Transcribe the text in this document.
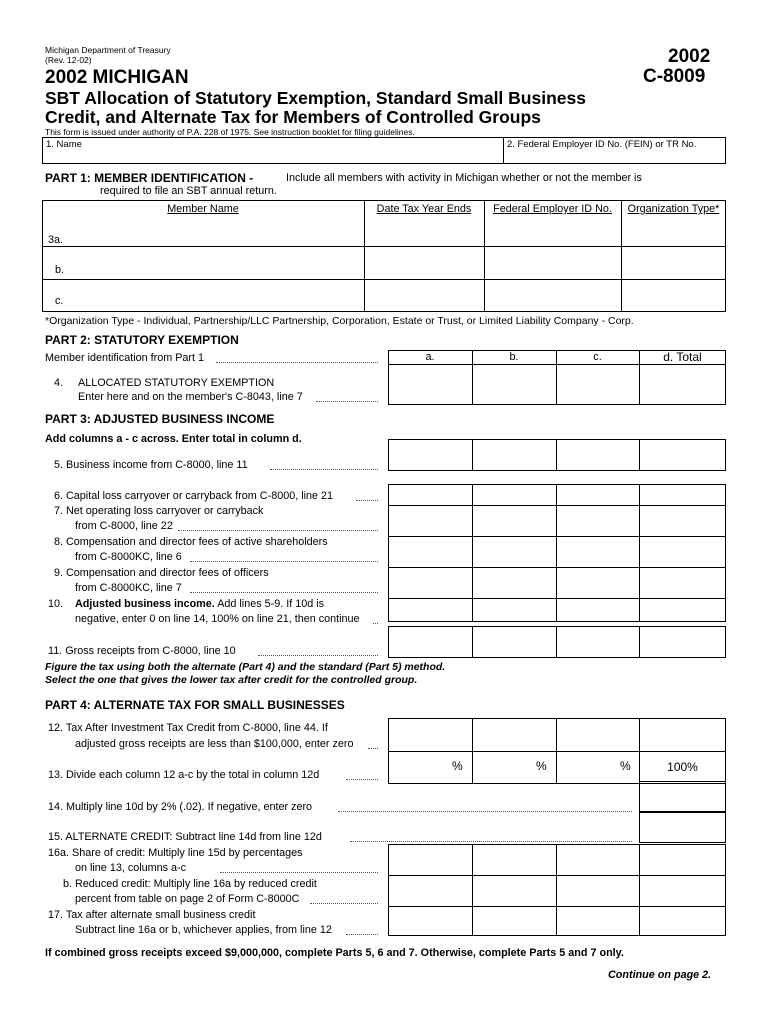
Michigan Department of Treasury
(Rev. 12-02)
2002 MICHIGAN
SBT Allocation of Statutory Exemption, Standard Small Business
Credit, and Alternate Tax for Members of Controlled Groups
This form is issued under authority of P.A. 228 of 1975. See instruction booklet for filing guidelines.
2002
C-8009
1. Name	2. Federal Employer ID No. (FEIN) or TR No.
PART 1: MEMBER IDENTIFICATION -	Include all members with activity in Michigan whether or not the member is
required to file an SBT annual return.
Member Name	Date Tax Year Ends	Federal Employer ID No.	Organization Type*
3a.
b.
c.
*Organization Type - Individual, Partnership/LLC Partnership, Corporation, Estate or Trust, or Limited Liability Company - Corp.
PART 2: STATUTORY EXEMPTION
Member identification from Part 1	a.	b.	c.	d. Total
4. ALLOCATED STATUTORY EXEMPTION
Enter here and on the member's C-8043, line 7
PART 3: ADJUSTED BUSINESS INCOME
Add columns a - c across. Enter total in column d.
5. Business income from C-8000, line 11
6. Capital loss carryover or carryback from C-8000, line 21
7. Net operating loss carryover or carryback
from C-8000, line 22
8. Compensation and director fees of active shareholders
from C-8000KC, line 6
9. Compensation and director fees of officers
from C-8000KC, line 7
10. Adjusted business income. Add lines 5-9. If 10d is
negative, enter 0 on line 14, 100% on line 21, then continue
11. Gross receipts from C-8000, line 10
Figure the tax using both the alternate (Part 4) and the standard (Part 5) method.
Select the one that gives the lower tax after credit for the controlled group.
PART 4: ALTERNATE TAX FOR SMALL BUSINESSES
12. Tax After Investment Tax Credit from C-8000, line 44. If
adjusted gross receipts are less than $100,000, enter zero
%	%	%	100%
13. Divide each column 12 a-c by the total in column 12d
14. Multiply line 10d by 2% (.02). If negative, enter zero
15. ALTERNATE CREDIT: Subtract line 14d from line 12d
16a. Share of credit: Multiply line 15d by percentages
on line 13, columns a-c
b. Reduced credit: Multiply line 16a by reduced credit
percent from table on page 2 of Form C-8000C
17. Tax after alternate small business credit
Subtract line 16a or b, whichever applies, from line 12
If combined gross receipts exceed $9,000,000, complete Parts 5, 6 and 7. Otherwise, complete Parts 5 and 7 only.
Continue on page 2.
